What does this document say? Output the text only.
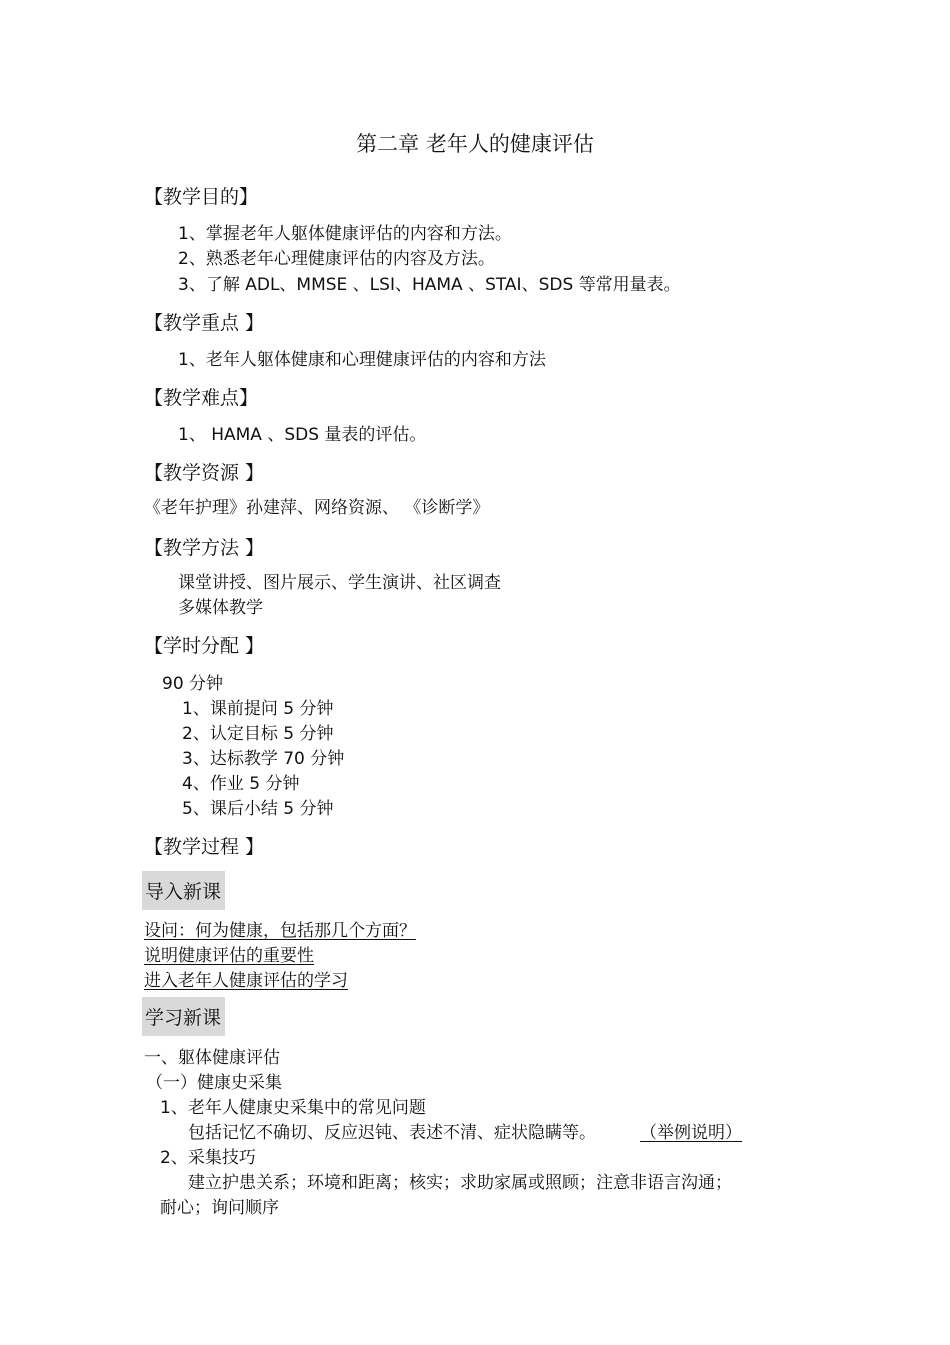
第二章 老年人的健康评估
【教学目的】
1、掌握老年人躯体健康评估的内容和方法。
2、熟悉老年心理健康评估的内容及方法。
3、了解 ADL、MMSE 、LSI、HAMA 、STAI、SDS 等常用量表。
【教学重点 】
1、老年人躯体健康和心理健康评估的内容和方法
【教学难点】
1、 HAMA 、SDS 量表的评估。
【教学资源 】
《老年护理》孙建萍、网络资源、 《诊断学》
【教学方法 】
课堂讲授、图片展示、学生演讲、社区调查
多媒体教学
【学时分配 】
90 分钟
1、课前提问 5 分钟
2、认定目标 5 分钟
3、达标教学 70 分钟
4、作业 5 分钟
5、课后小结 5 分钟
【教学过程 】
导入新课
设问：何为健康，包括那几个方面？
说明健康评估的重要性
进入老年人健康评估的学习
学习新课
一、躯体健康评估
（一）健康史采集
1、老年人健康史采集中的常见问题
包括记忆不确切、反应迟钝、表述不清、症状隐瞒等。	（举例说明）
2、采集技巧
建立护患关系；环境和距离；核实；求助家属或照顾；注意非语言沟通；
耐心；询问顺序
